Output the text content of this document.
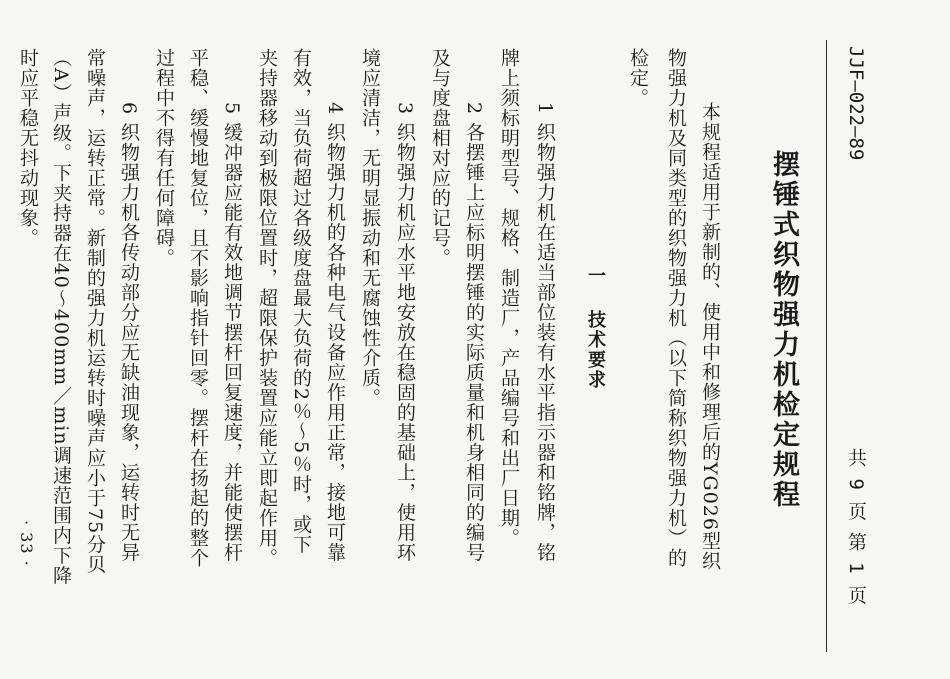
JJF—022—89
共 9 页 第 1 页
摆锤式织物强力机检定规程
本规程适用于新制的、使用中和修理后的YG026型织
物强力机及同类型的织物强力机（以下简称织物强力机）的
检定。
一
技术要求
1 织物强力机在适当部位装有水平指示器和铭牌，铭
牌上须标明型号、规格、制造厂，产品编号和出厂日期。
2 各摆锤上应标明摆锤的实际质量和机身相同的编号
及与度盘相对应的记号。
3 织物强力机应水平地安放在稳固的基础上，使用环
境应清洁，无明显振动和无腐蚀性介质。
4 织物强力机的各种电气设备应作用正常，接地可靠
有效，当负荷超过各级度盘最大负荷的2％～5％时，或下
夹持器移动到极限位置时，超限保护装置应能立即起作用。
5 缓冲器应能有效地调节摆杆回复速度，并能使摆杆
平稳、缓慢地复位，且不影响指针回零。摆杆在扬起的整个
过程中不得有任何障碍。
6 织物强力机各传动部分应无缺油现象，运转时无异
常噪声，运转正常。新制的强力机运转时噪声应小于75分贝
（A）声级。下夹持器在40～400mm／min调速范围内下降
时应平稳无抖动现象。
· 33 ·
